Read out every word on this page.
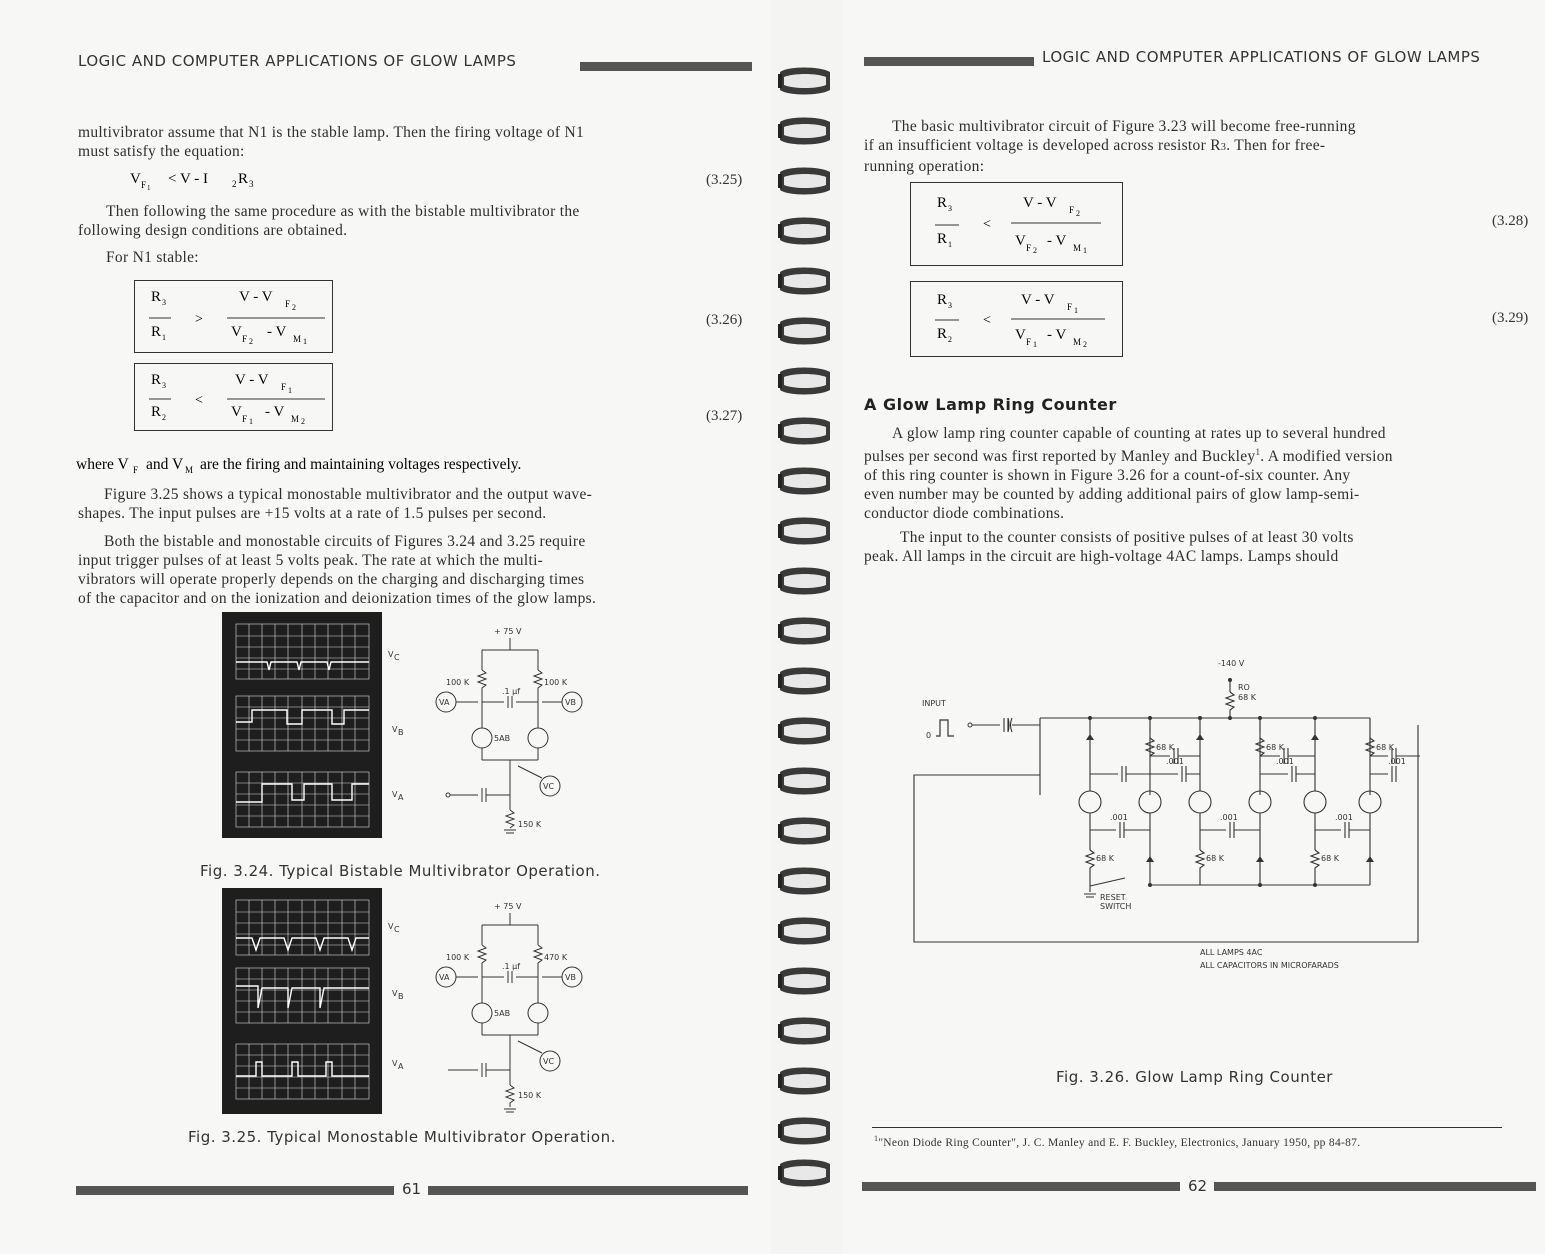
LOGIC AND COMPUTER APPLICATIONS OF GLOW LAMPS
multivibrator assume that N1 is the stable lamp. Then the firing voltage of N1
must satisfy the equation:
V F 1
< V - I	2 R 3	(3.25)
Then following the same procedure as with the bistable multivibrator the
following design conditions are obtained.
For N1 stable:
R 3
R 1
>
V - V F 2
V F 2
- V M 1
(3.26)
R 3
R 2
<
V - V F 1
V F 1
- V M 2	(3.27)
where V F and V M are the firing and maintaining voltages respectively.
Figure 3.25 shows a typical monostable multivibrator and the output wave-
shapes. The input pulses are +15 volts at a rate of 1.5 pulses per second.
Both the bistable and monostable circuits of Figures 3.24 and 3.25 require
input trigger pulses of at least 5 volts peak. The rate at which the multi-
vibrators will operate properly depends on the charging and discharging times
of the capacitor and on the ionization and deionization times of the glow lamps.
V C
V B
V A
+ 75 V
100 K	100 K
.1 μf
5AB
150 K
VA	VB
VC
Fig. 3.24. Typical Bistable Multivibrator Operation.
V C
V B
V A
+ 75 V
100 K	470 K
.1 μf
5AB
150 K
VA	VB
VC
Fig. 3.25. Typical Monostable Multivibrator Operation.
61
LOGIC AND COMPUTER APPLICATIONS OF GLOW LAMPS
The basic multivibrator circuit of Figure 3.23 will become free-running
if an insufficient voltage is developed across resistor R3. Then for free-
running operation:
R 3
R 1
<
V - V F 2
V F 2
- V M 1
(3.28)
R 3
R 2
<
V - V F 1
V F 1
- V M 2
(3.29)
A Glow Lamp Ring Counter
A glow lamp ring counter capable of counting at rates up to several hundred
pulses per second was first reported by Manley and Buckley$^1$. A modified version
of this ring counter is shown in Figure 3.26 for a count-of-six counter. Any
even number may be counted by adding additional pairs of glow lamp-semi-
conductor diode combinations.
The input to the counter consists of positive pulses of at least 30 volts
peak. All lamps in the circuit are high-voltage 4AC lamps. Lamps should
INPUT
0
-140 V
RO
68 K
68 K	68 K	68 K
.001	.001	.001
.001	.001	.001
68 K	68 K	68 K
RESET
SWITCH
ALL LAMPS 4AC
ALL CAPACITORS IN MICROFARADS
Fig. 3.26. Glow Lamp Ring Counter
$^1$"Neon Diode Ring Counter", J. C. Manley and E. F. Buckley, Electronics, January 1950, pp 84-87.
62
